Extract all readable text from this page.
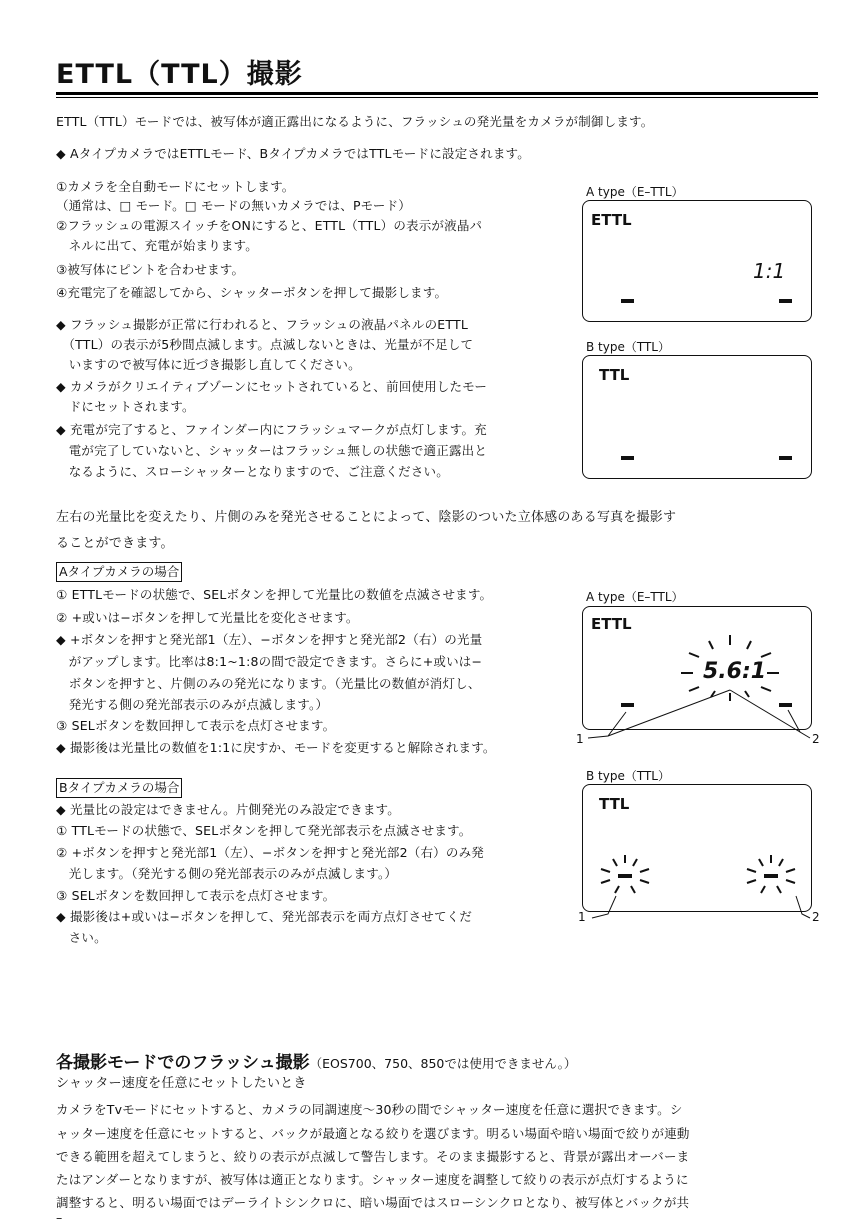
ETTL（TTL）撮影
ETTL（TTL）モードでは、被写体が適正露出になるように、フラッシュの発光量をカメラが制御します。
◆ AタイプカメラではETTLモード、BタイプカメラではTTLモードに設定されます。
①カメラを全自動モードにセットします。
（通常は、□ モード。□ モードの無いカメラでは、Pモード）
②フラッシュの電源スイッチをONにすると、ETTL（TTL）の表示が液晶パ
　ネルに出て、充電が始まります。
③被写体にピントを合わせます。
④充電完了を確認してから、シャッターボタンを押して撮影します。
◆ フラッシュ撮影が正常に行われると、フラッシュの液晶パネルのETTL
　（TTL）の表示が5秒間点滅します。点滅しないときは、光量が不足して
　いますので被写体に近づき撮影し直してください。
◆ カメラがクリエイティブゾーンにセットされていると、前回使用したモー
　ドにセットされます。
◆ 充電が完了すると、ファインダー内にフラッシュマークが点灯します。充
　電が完了していないと、シャッターはフラッシュ無しの状態で適正露出と
　なるように、スローシャッターとなりますので、ご注意ください。
A type（E–TTL）
ETTL
1:1
B type（TTL）
TTL
左右の光量比を変えたり、片側のみを発光させることによって、陰影のついた立体感のある写真を撮影す
ることができます。
Aタイプカメラの場合
① ETTLモードの状態で、SELボタンを押して光量比の数値を点滅させます。
② +或いは−ボタンを押して光量比を変化させます。
◆ +ボタンを押すと発光部1（左）、−ボタンを押すと発光部2（右）の光量
　がアップします。比率は8:1~1:8の間で設定できます。さらに+或いは−
　ボタンを押すと、片側のみの発光になります。（光量比の数値が消灯し、
　発光する側の発光部表示のみが点滅します。）
③ SELボタンを数回押して表示を点灯させます。
◆ 撮影後は光量比の数値を1:1に戻すか、モードを変更すると解除されます。
A type（E–TTL）
ETTL
5.6:1
1	2
Bタイプカメラの場合
◆ 光量比の設定はできません。片側発光のみ設定できます。
① TTLモードの状態で、SELボタンを押して発光部表示を点滅させます。
② +ボタンを押すと発光部1（左）、−ボタンを押すと発光部2（右）のみ発
　光します。（発光する側の発光部表示のみが点滅します。）
③ SELボタンを数回押して表示を点灯させます。
◆ 撮影後は+或いは−ボタンを押して、発光部表示を両方点灯させてくだ
　さい。
B type（TTL）
TTL
1	2
各撮影モードでのフラッシュ撮影（EOS700、750、850では使用できません。）
シャッター速度を任意にセットしたいとき
カメラをTvモードにセットすると、カメラの同調速度～30秒の間でシャッター速度を任意に選択できます。シ
ャッター速度を任意にセットすると、バックが最適となる絞りを選びます。明るい場面や暗い場面で絞りが連動
できる範囲を超えてしまうと、絞りの表示が点滅して警告します。そのまま撮影すると、背景が露出オーバーま
たはアンダーとなりますが、被写体は適正となります。シャッター速度を調整して絞りの表示が点灯するように
調整すると、明るい場面ではデーライトシンクロに、暗い場面ではスローシンクロとなり、被写体とバックが共
–
